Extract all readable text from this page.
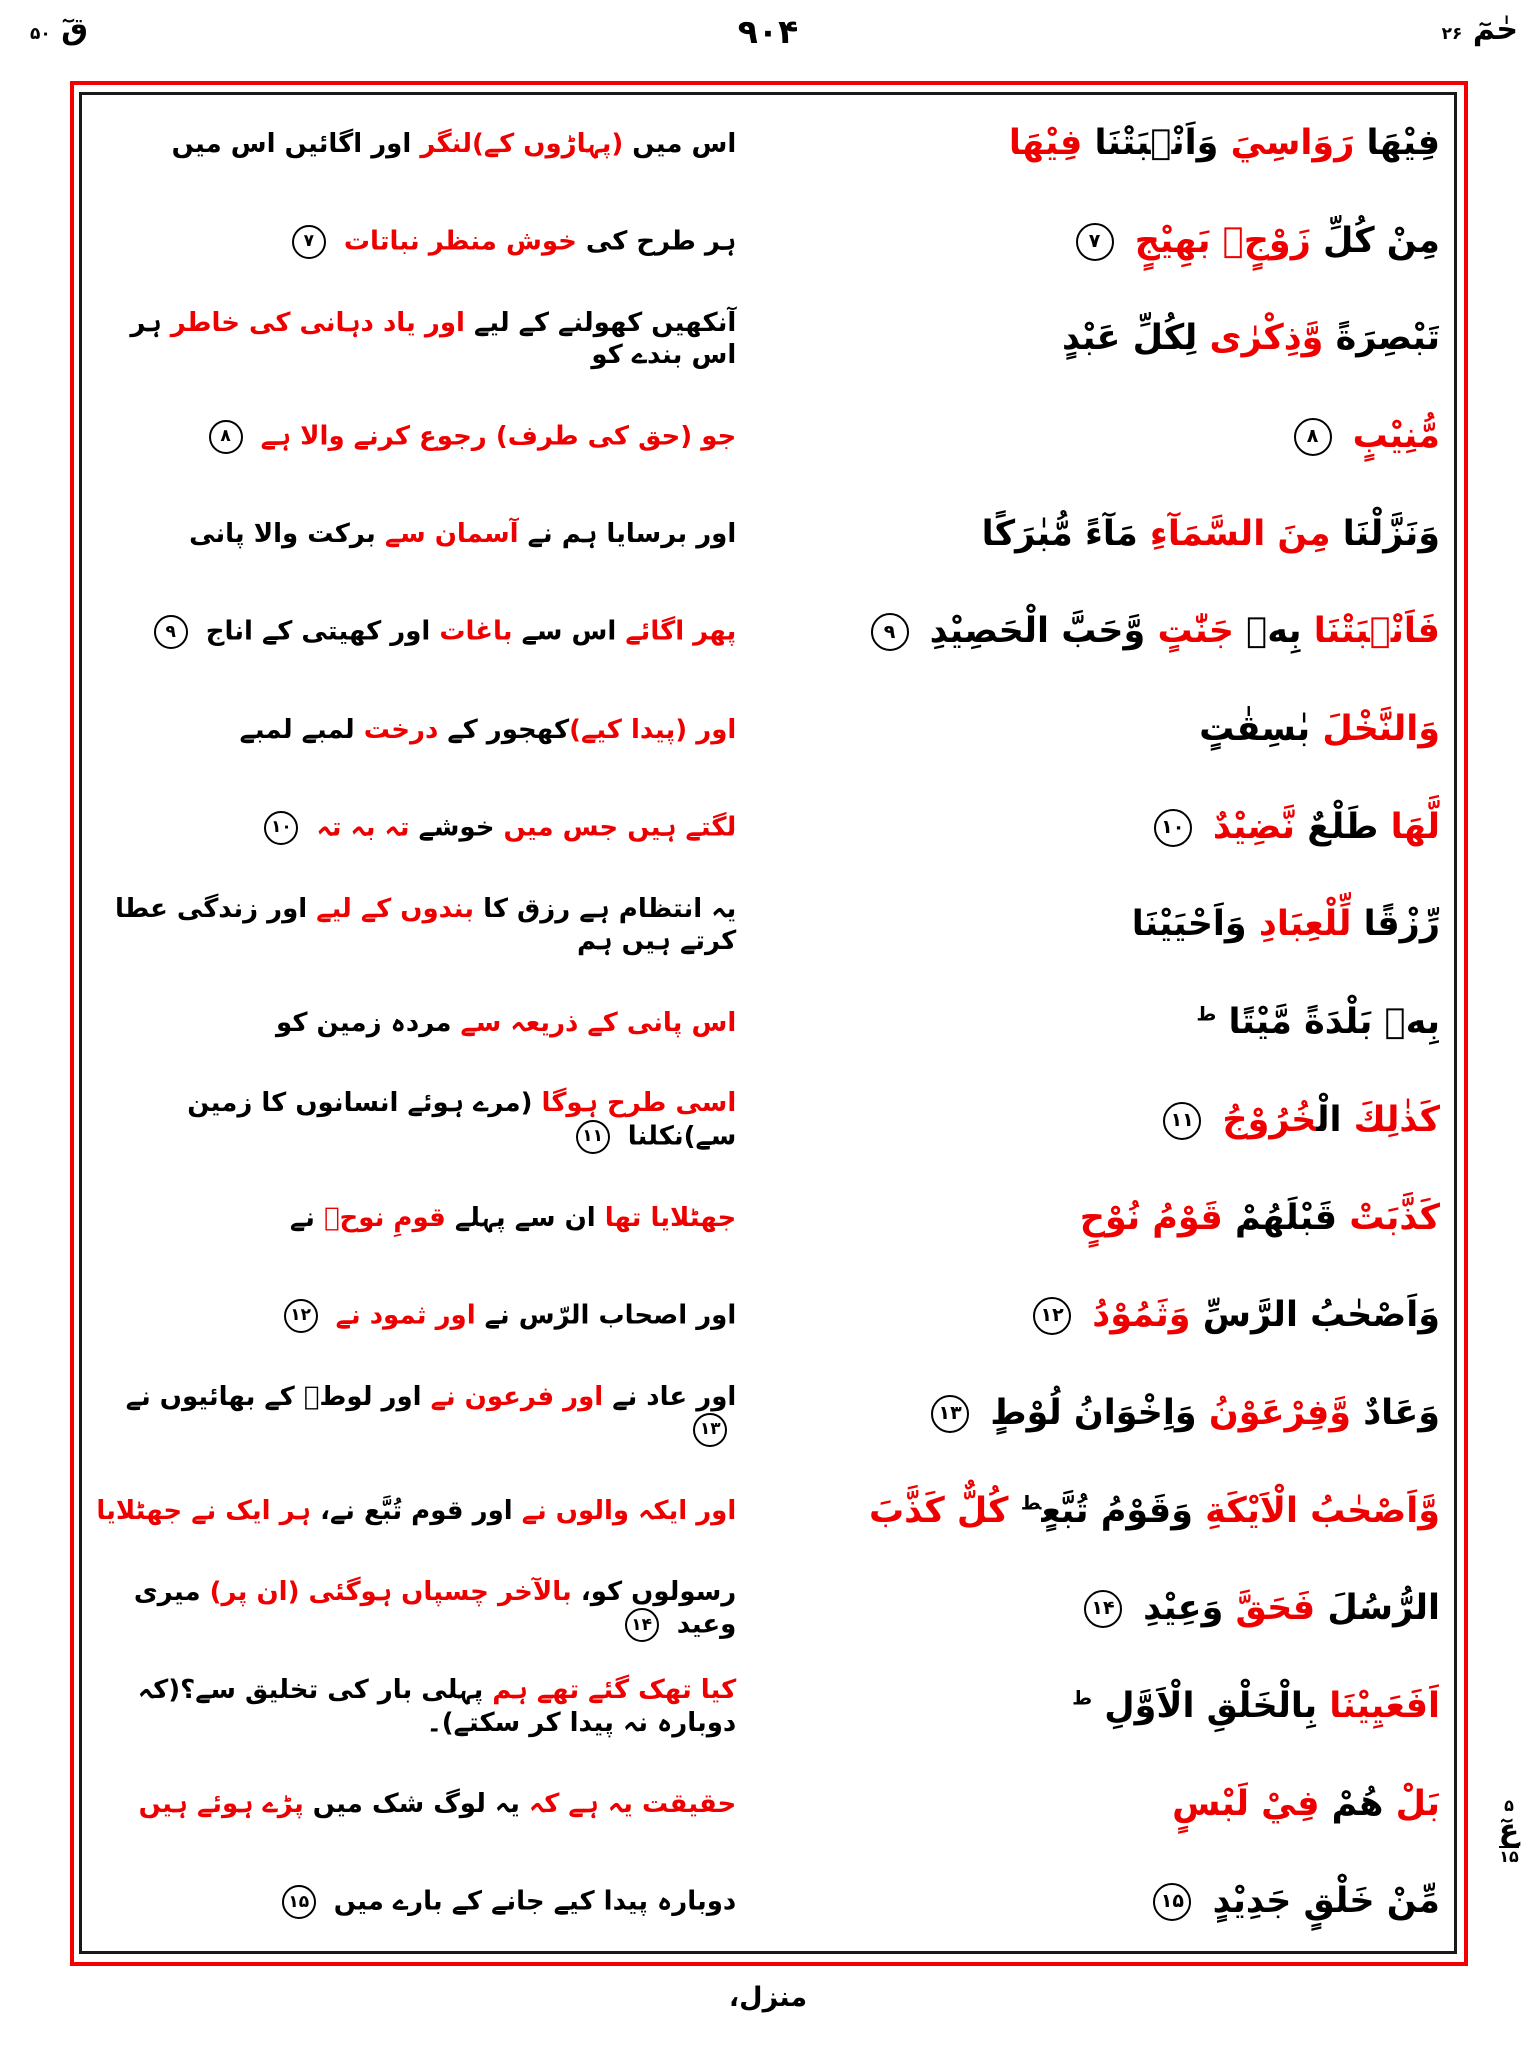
قٓ ۵۰	۹۰۴	حٰمٓ ۲۶
اس میں (پہاڑوں کے)لنگر اور اگائیں اس میں	فِيْهَا رَوَاسِيَ وَاَنْۢبَتْنَا فِيْهَا
ہر طرح کی خوش منظر نباتات ۷	مِنْ كُلِّ زَوْجٍۭ بَهِيْجٍ ۷
آنکھیں کھولنے کے لیے اور یاد دہانی کی خاطر ہر اس بندے کو	تَبْصِرَةً وَّذِكْرٰى لِكُلِّ عَبْدٍ
جو (حق کی طرف) رجوع کرنے والا ہے ۸	مُّنِيْبٍ ۸
اور برسایا ہم نے آسمان سے برکت والا پانی	وَنَزَّلْنَا مِنَ السَّمَآءِ مَآءً مُّبٰرَكًا
پھر اگائے اس سے باغات اور کھیتی کے اناج ۹	فَاَنْۢبَتْنَا بِهٖ جَنّٰتٍ وَّحَبَّ الْحَصِيْدِ ۹
اور (پیدا کیے)کھجور کے درخت لمبے لمبے	وَالنَّخْلَ بٰسِقٰتٍ
لگتے ہیں جس میں خوشے تہ بہ تہ ۱۰	لَّهَا طَلْعٌ نَّضِيْدٌ ۱۰
یہ انتظام ہے رزق کا بندوں کے لیے اور زندگی عطا کرتے ہیں ہم	رِّزْقًا لِّلْعِبَادِ وَاَحْيَيْنَا
اس پانی کے ذریعہ سے مردہ زمین کو	بِهٖ بَلْدَةً مَّيْتًا $^ط$
اسی طرح ہوگا (مرے ہوئے انسانوں کا زمین سے)نکلنا ۱۱	كَذٰلِكَ الْخُرُوْجُ ۱۱
جھٹلایا تھا ان سے پہلے قومِ نوحؑ نے	كَذَّبَتْ قَبْلَهُمْ قَوْمُ نُوْحٍ
اور اصحاب الرّس نے اور ثمود نے ۱۲	وَاَصْحٰبُ الرَّسِّ وَثَمُوْدُ ۱۲
اور عاد نے اور فرعون نے اور لوطؑ کے بھائیوں نے ۱۳	وَعَادٌ وَّفِرْعَوْنُ وَاِخْوَانُ لُوْطٍ ۱۳
اور ایکہ والوں نے اور قوم تُبَّع نے، ہر ایک نے جھٹلایا	وَّاَصْحٰبُ الْاَيْكَةِ وَقَوْمُ تُبَّعٍ$^ط$ كُلٌّ كَذَّبَ
رسولوں کو، بالآخر چسپاں ہوگئی (ان پر) میری وعید ۱۴	الرُّسُلَ فَحَقَّ وَعِيْدِ ۱۴
کیا تھک گئے تھے ہم پہلی بار کی تخلیق سے؟(کہ دوبارہ نہ پیدا کر سکتے)۔	اَفَعَيِيْنَا بِالْخَلْقِ الْاَوَّلِ $^ط$
حقیقت یہ ہے کہ یہ لوگ شک میں پڑے ہوئے ہیں	بَلْ هُمْ فِيْ لَبْسٍ
دوبارہ پیدا کیے جانے کے بارے میں ۱۵	مِّنْ خَلْقٍ جَدِيْدٍ ۱۵
۵
عٓ
۱۵
منزل،
